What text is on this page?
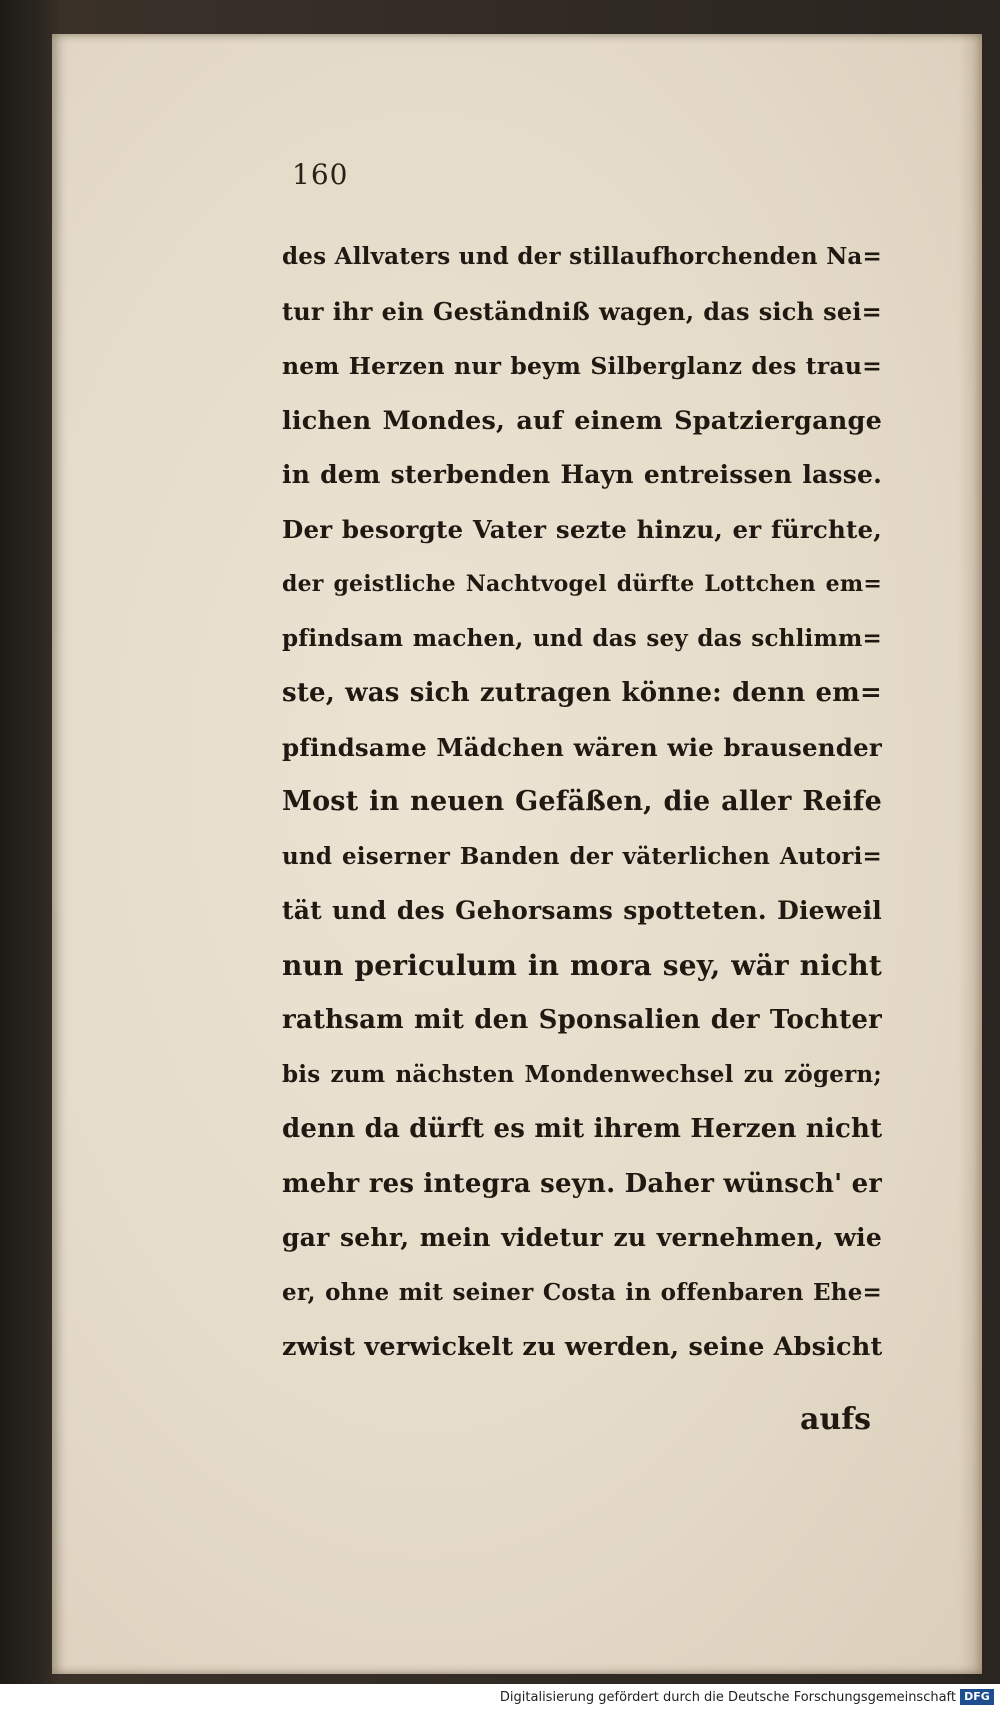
160
des Allvaters und der stillaufhorchenden Na=
tur ihr ein Geständniß wagen, das sich sei=
nem Herzen nur beym Silberglanz des trau=
lichen Mondes, auf einem Spatziergange
in dem sterbenden Hayn entreissen lasse.
Der besorgte Vater sezte hinzu, er fürchte,
der geistliche Nachtvogel dürfte Lottchen em=
pfindsam machen, und das sey das schlimm=
ste, was sich zutragen könne: denn em=
pfindsame Mädchen wären wie brausender
Most in neuen Gefäßen, die aller Reife
und eiserner Banden der väterlichen Autori=
tät und des Gehorsams spotteten. Dieweil
nun periculum in mora sey, wär nicht
rathsam mit den Sponsalien der Tochter
bis zum nächsten Mondenwechsel zu zögern;
denn da dürft es mit ihrem Herzen nicht
mehr res integra seyn. Daher wünsch' er
gar sehr, mein videtur zu vernehmen, wie
er, ohne mit seiner Costa in offenbaren Ehe=
zwist verwickelt zu werden, seine Absicht
aufs
Digitalisierung gefördert durch die Deutsche Forschungsgemeinschaft DFG
